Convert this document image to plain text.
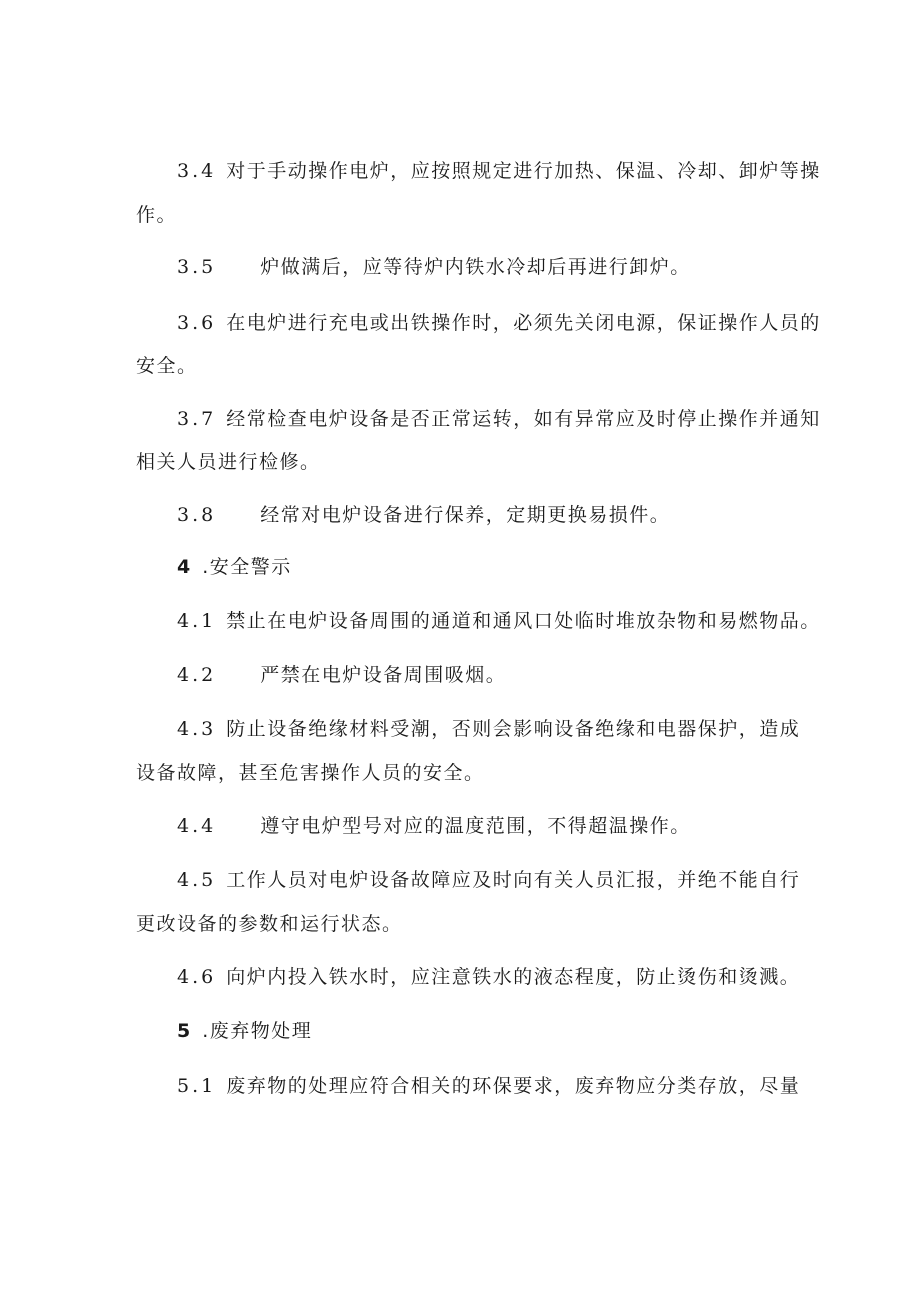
3.4 对于手动操作电炉，应按照规定进行加热、保温、冷却、卸炉等操
作。
3.5 炉做满后，应等待炉内铁水冷却后再进行卸炉。
3.6 在电炉进行充电或出铁操作时，必须先关闭电源，保证操作人员的
安全。
3.7 经常检查电炉设备是否正常运转，如有异常应及时停止操作并通知
相关人员进行检修。
3.8 经常对电炉设备进行保养，定期更换易损件。
4 .安全警示
4.1 禁止在电炉设备周围的通道和通风口处临时堆放杂物和易燃物品。
4.2 严禁在电炉设备周围吸烟。
4.3 防止设备绝缘材料受潮，否则会影响设备绝缘和电器保护，造成
设备故障，甚至危害操作人员的安全。
4.4 遵守电炉型号对应的温度范围，不得超温操作。
4.5 工作人员对电炉设备故障应及时向有关人员汇报，并绝不能自行
更改设备的参数和运行状态。
4.6 向炉内投入铁水时，应注意铁水的液态程度，防止烫伤和烫溅。
5 .废弃物处理
5.1 废弃物的处理应符合相关的环保要求，废弃物应分类存放，尽量
